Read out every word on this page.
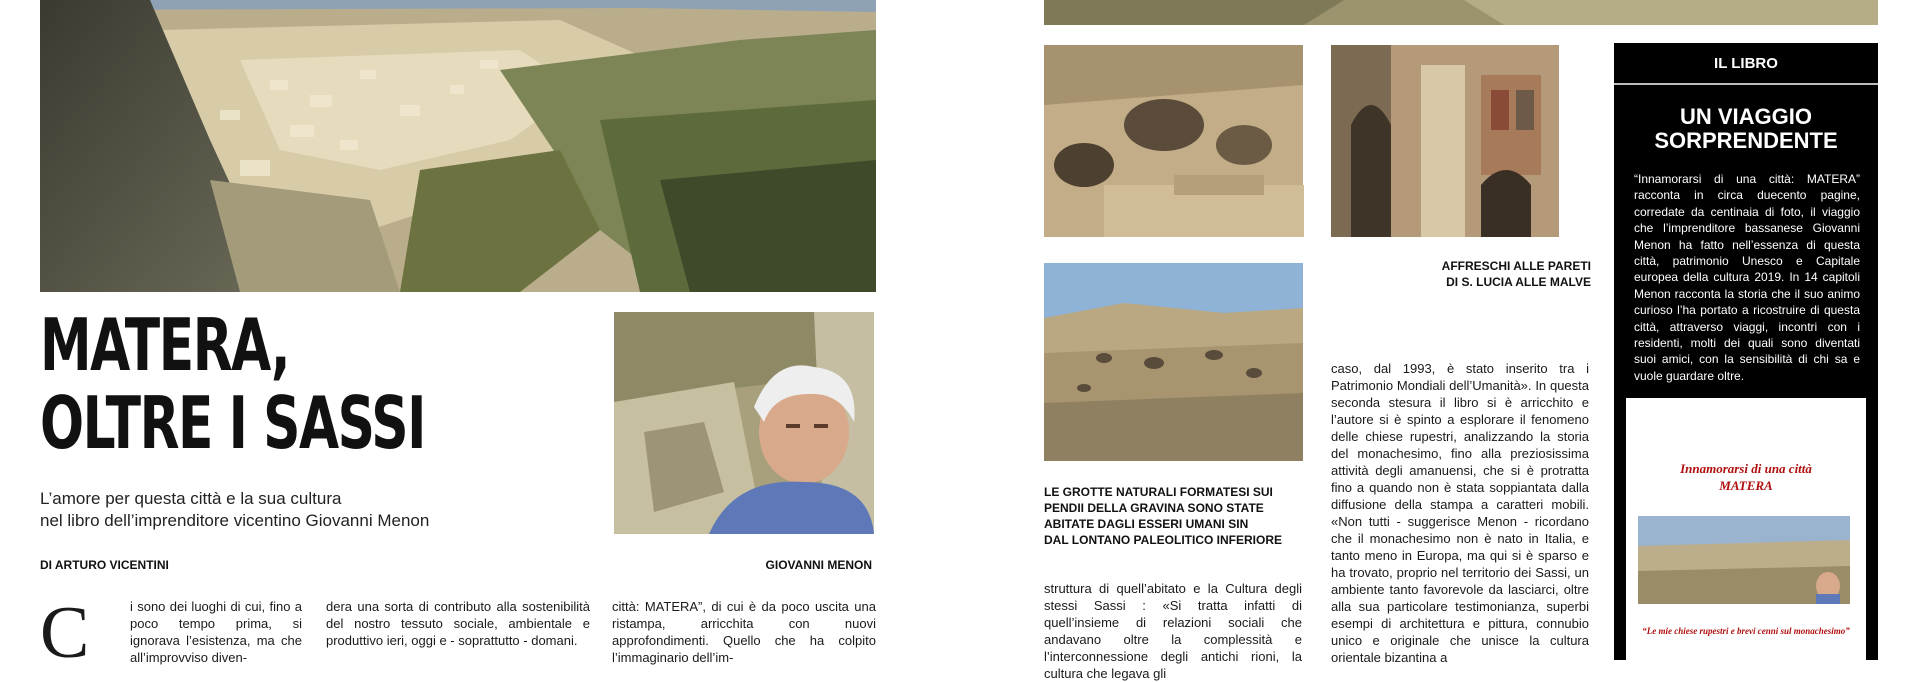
MATERA,
OLTRE I SASSI
L’amore per questa città e la sua cultura
nel libro dell’imprenditore vicentino Giovanni Menon
DI ARTURO VICENTINI	GIOVANNI MENON
C	i sono dei luoghi di cui, fino a poco tempo prima, si ignorava l’esistenza, ma che all’improvviso diven-
dera una sorta di contributo alla sostenibilità del nostro tessuto sociale, ambientale e produttivo ieri, oggi e - soprattutto - domani.
città: MATERA”, di cui è da poco uscita una ristampa, arricchita con nuovi approfondimenti. Quello che ha colpito l’immaginario dell’im-
AFFRESCHI ALLE PARETI
DI S. LUCIA ALLE MALVE
LE GROTTE NATURALI FORMATESI SUI
PENDII DELLA GRAVINA SONO STATE
ABITATE DAGLI ESSERI UMANI SIN
DAL LONTANO PALEOLITICO INFERIORE
struttura di quell’abitato e la Cultura degli stessi Sassi : «Si tratta infatti di quell’insieme di relazioni sociali che andavano oltre la complessità e l’interconnessione degli antichi rioni, la cultura che legava gli
caso, dal 1993, è stato inserito tra i Patrimonio Mondiali dell’Umanità». In questa seconda stesura il libro si è arricchito e l’autore si è spinto a esplorare il fenomeno delle chiese rupestri, analizzando la storia del monachesimo, fino alla preziosissima attività degli amanuensi, che si è protratta fino a quando non è stata soppiantata dalla diffusione della stampa a caratteri mobili. «Non tutti - suggerisce Menon - ricordano che il monachesimo non è nato in Italia, e tanto meno in Europa, ma qui si è sparso e ha trovato, proprio nel territorio dei Sassi, un ambiente tanto favorevole da lasciarci, oltre alla sua particolare testimonianza, superbi esempi di architettura e pittura, connubio unico e originale che unisce la cultura orientale bizantina a
IL LIBRO
UN VIAGGIO
SORPRENDENTE
“Innamorarsi di una città: MATERA” racconta in circa duecento pagine, corredate da centinaia di foto, il viaggio che l’imprenditore bassanese Giovanni Menon ha fatto nell’essenza di questa città, patrimonio Unesco e Capitale europea della cultura 2019. In 14 capitoli Menon racconta la storia che il suo animo curioso l’ha portato a ricostruire di questa città, attraverso viaggi, incontri con i residenti, molti dei quali sono diventati suoi amici, con la sensibilità di chi sa e vuole guardare oltre.
Innamorarsi di una città
MATERA
“Le mie chiese rupestri e brevi cenni sul monachesimo”
